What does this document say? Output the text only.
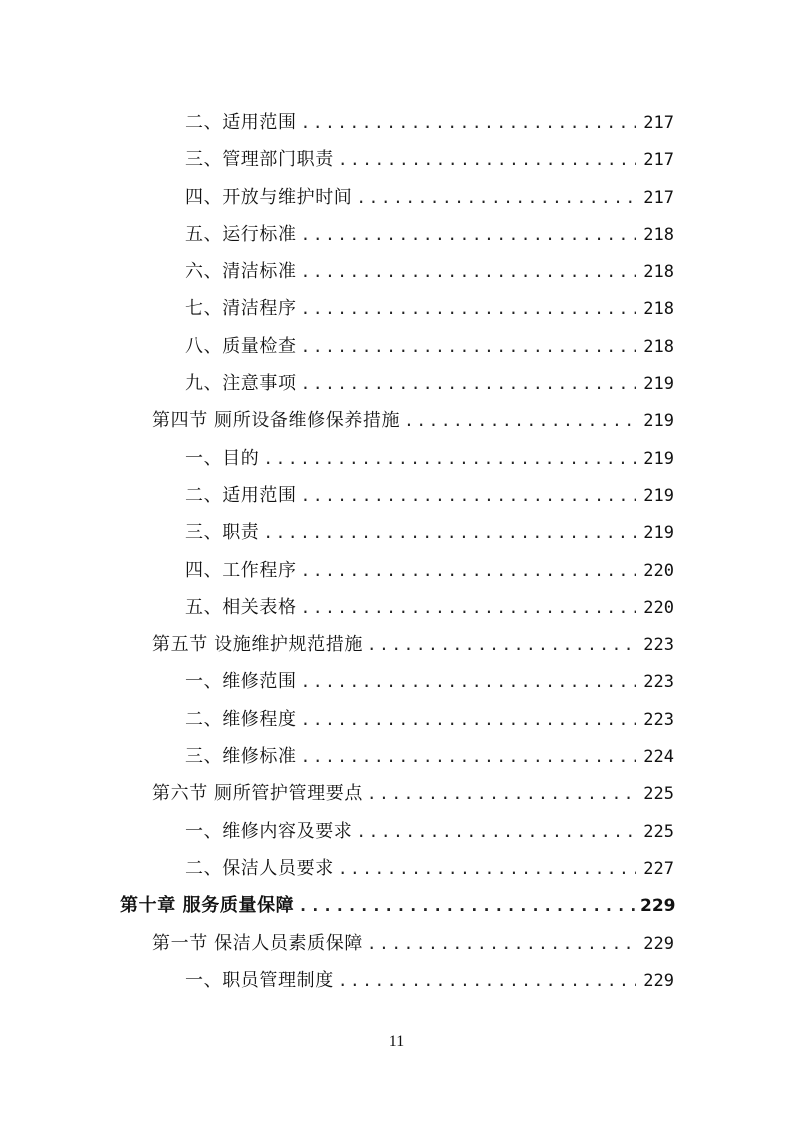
二、适用范围 .....	217
三、管理部门职责 .....	217
四、开放与维护时间 .....	217
五、运行标准 .....	218
六、清洁标准 .....	218
七、清洁程序 .....	218
八、质量检查 .....	218
九、注意事项 .....	219
第四节 厕所设备维修保养措施 .....	219
一、目的 .....	219
二、适用范围 .....	219
三、职责 .....	219
四、工作程序 .....	220
五、相关表格 .....	220
第五节 设施维护规范措施 .....	223
一、维修范围 .....	223
二、维修程度 .....	223
三、维修标准 .....	224
第六节 厕所管护管理要点 .....	225
一、维修内容及要求 .....	225
二、保洁人员要求 .....	227
第十章 服务质量保障 .....	229
第一节 保洁人员素质保障 .....	229
一、职员管理制度 .....	229
11
